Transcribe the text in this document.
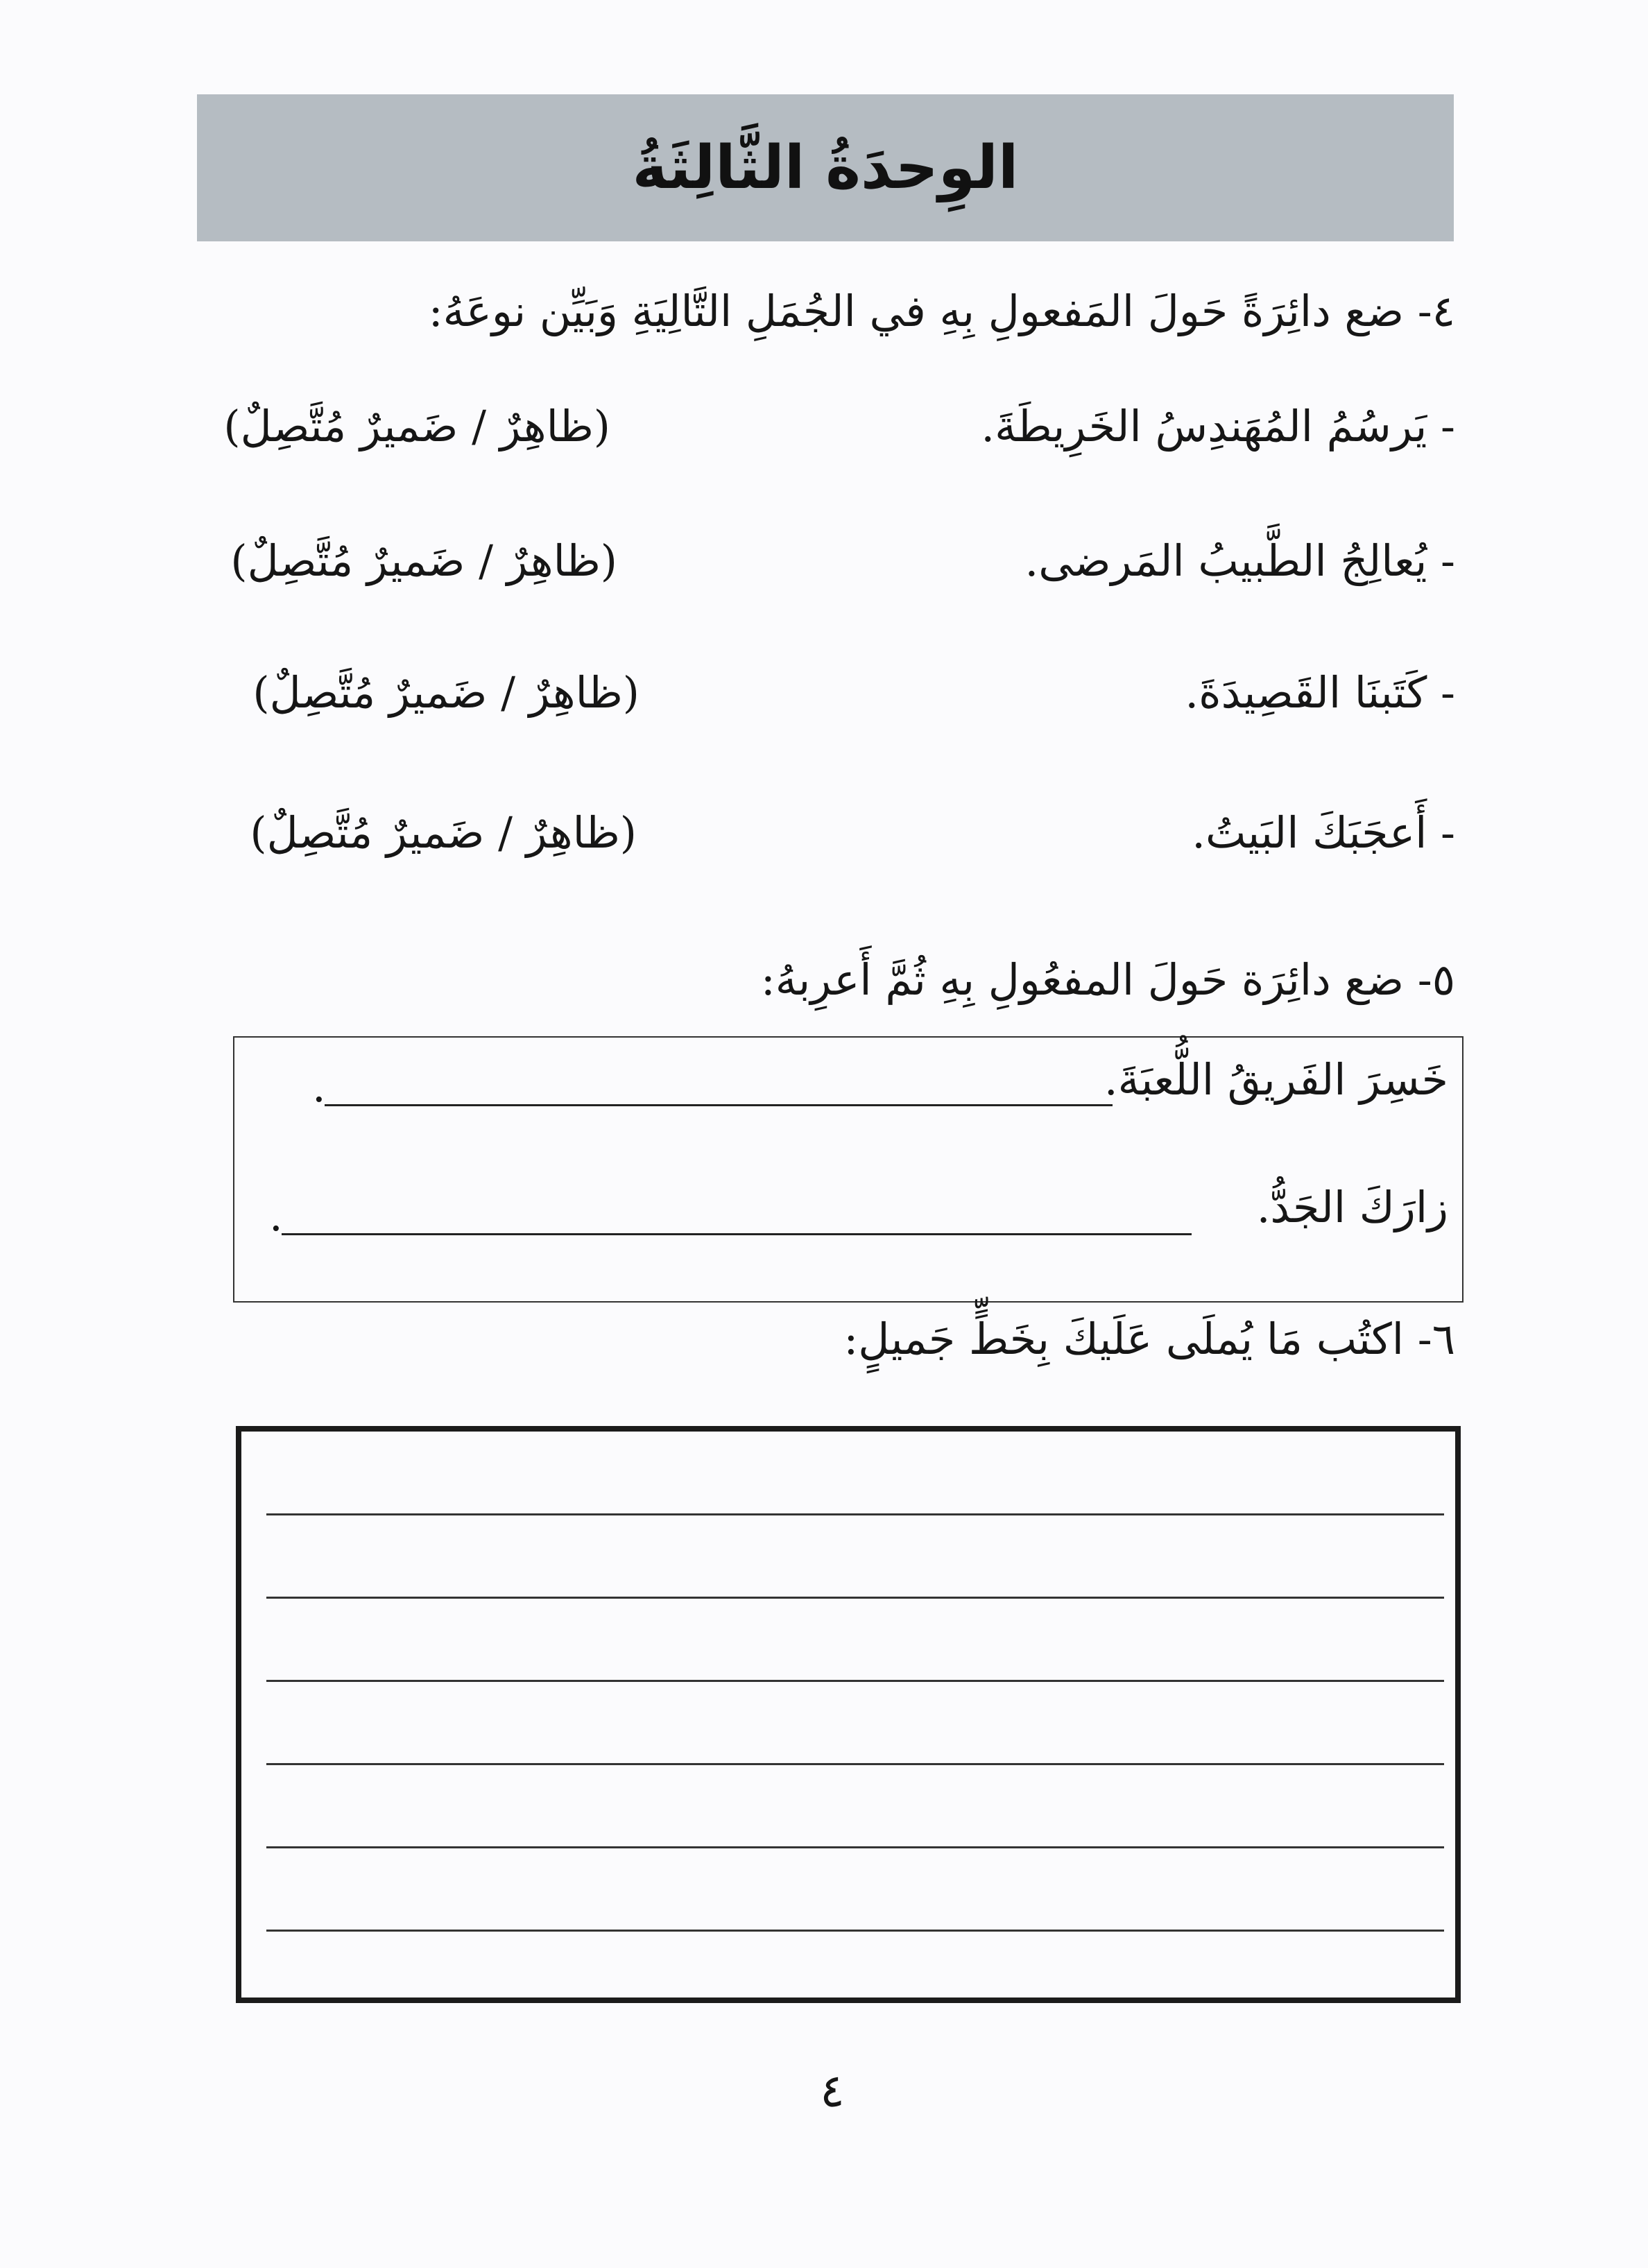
الوِحدَةُ الثَّالِثَةُ
٤- ضع دائِرَةً حَولَ المَفعولِ بِهِ في الجُمَلِ التَّالِيَةِ وَبَيِّن نوعَهُ:
- يَرسُمُ المُهَندِسُ الخَرِيطَةَ.
(ظاهِرٌ / ضَميرٌ مُتَّصِلٌ)
- يُعالِجُ الطَّبيبُ المَرضى.
(ظاهِرٌ / ضَميرٌ مُتَّصِلٌ)
- كَتَبنَا القَصِيدَةَ.
(ظاهِرٌ / ضَميرٌ مُتَّصِلٌ)
- أَعجَبَكَ البَيتُ.
(ظاهِرٌ / ضَميرٌ مُتَّصِلٌ)
٥- ضع دائِرَة حَولَ المفعُولِ بِهِ ثُمَّ أَعرِبهُ:
خَسِرَ الفَريقُ اللُّعبَةَ.
.
زارَكَ الجَدُّ.
.
٦- اكتُب مَا يُملَى عَلَيكَ بِخَطٍّ جَميلٍ:
٤
